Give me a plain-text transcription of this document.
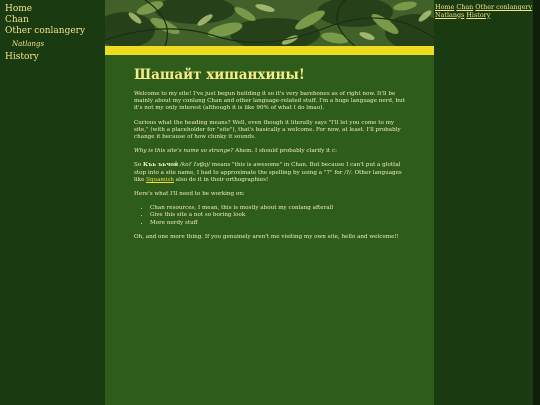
Home
Chan
Other conlangery
Natlangs
History
Шашайт хишанхины!

Welcome to my site! I've just begun building it so it's very barebones as of right now. It'll be mainly about my conlang Chan and other language-related stuff. I'm a huge language nerd, but it's not my only interest (although it is like 90% of what I do lmao).

Curious what the heading means? Well, even though it literally says "I'll let you come to my site," (with a placeholder for "site"), that's basically a welcome. For now, at least. I'll probably change it because of how clunky it sounds.

Why is this site's name so strange? Ahem. I should probably clarify it c:

So Къь ъьчой /koʔ ʔəʧoj/ means "this is awesome" in Chan. But because I can't put a glottal stop into a site name, I had to approximate the spelling by using a "7" for /ʔ/. Other languages like Squamish also do it in their orthographies!

Here's what I'll need to be working on:

• Chan resources, I mean, this is mostly about my conlang afterall
• Give this site a not so boring look
• More nerdy stuff

Oh, and one more thing. If you genuinely aren't me visiting my own site, hello and welcome!!

Home Chan Other conlangery Natlangs History
